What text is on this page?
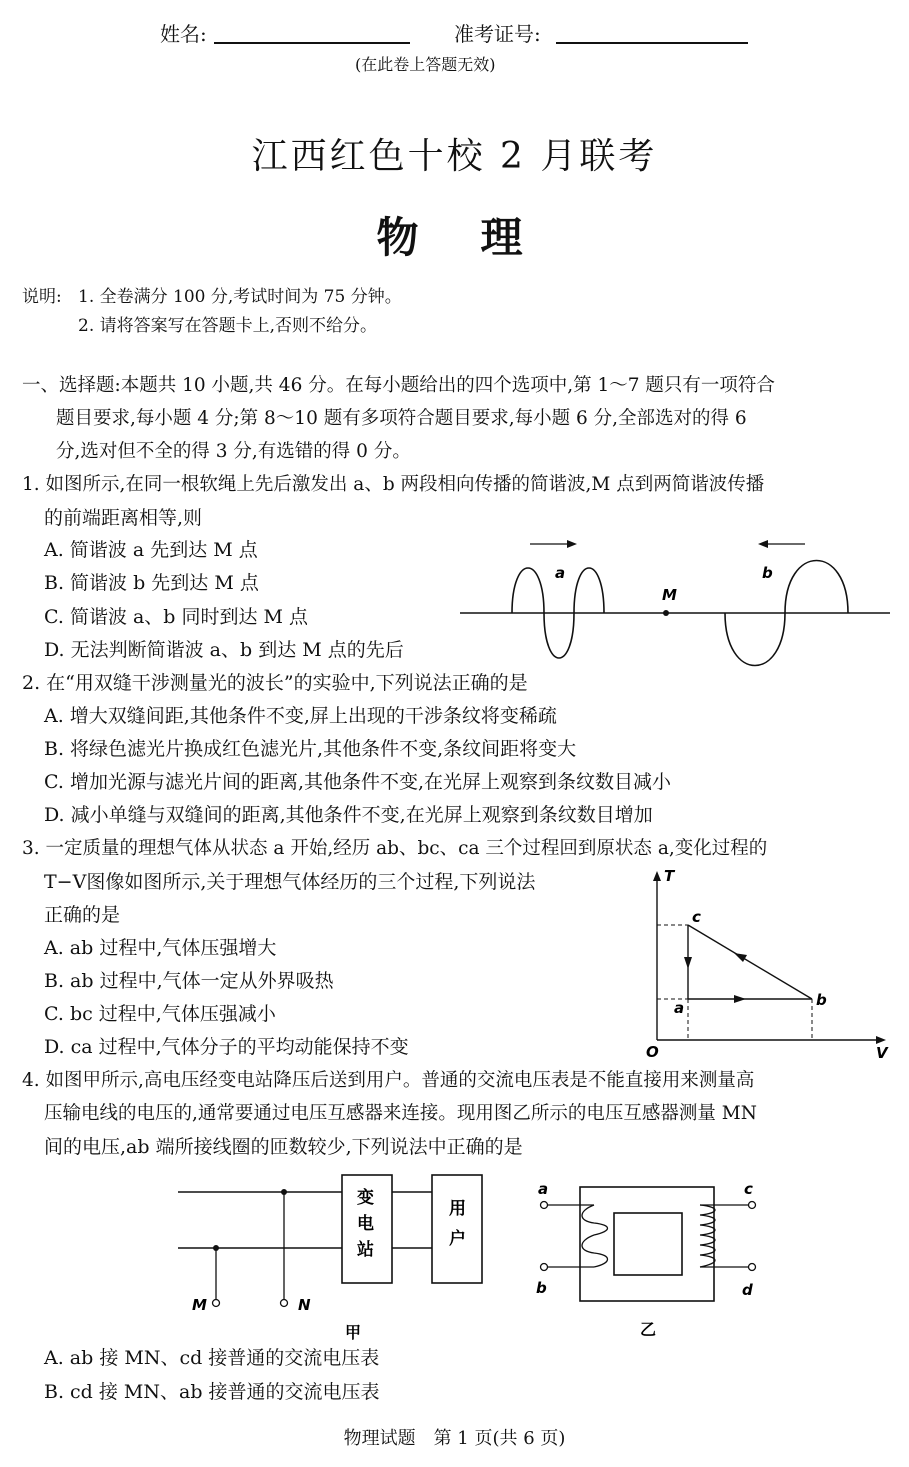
姓名:	准考证号:
(在此卷上答题无效)
江西红色十校 2 月联考
物　理
说明: 1. 全卷满分 100 分,考试时间为 75 分钟。
2. 请将答案写在答题卡上,否则不给分。
一、选择题:本题共 10 小题,共 46 分。在每小题给出的四个选项中,第 1～7 题只有一项符合
题目要求,每小题 4 分;第 8～10 题有多项符合题目要求,每小题 6 分,全部选对的得 6
分,选对但不全的得 3 分,有选错的得 0 分。
1. 如图所示,在同一根软绳上先后激发出 a、b 两段相向传播的简谐波,M 点到两简谐波传播
的前端距离相等,则
A. 简谐波 a 先到达 M 点
B. 简谐波 b 先到达 M 点
C. 简谐波 a、b 同时到达 M 点
D. 无法判断简谐波 a、b 到达 M 点的先后
a	b
M
2. 在“用双缝干涉测量光的波长”的实验中,下列说法正确的是
A. 增大双缝间距,其他条件不变,屏上出现的干涉条纹将变稀疏
B. 将绿色滤光片换成红色滤光片,其他条件不变,条纹间距将变大
C. 增加光源与滤光片间的距离,其他条件不变,在光屏上观察到条纹数目减小
D. 减小单缝与双缝间的距离,其他条件不变,在光屏上观察到条纹数目增加
3. 一定质量的理想气体从状态 a 开始,经历 ab、bc、ca 三个过程回到原状态 a,变化过程的
T−V图像如图所示,关于理想气体经历的三个过程,下列说法
正确的是
A. ab 过程中,气体压强增大
B. ab 过程中,气体一定从外界吸热
C. bc 过程中,气体压强减小
D. ca 过程中,气体分子的平均动能保持不变
T
V
O
c
a	b
4. 如图甲所示,高电压经变电站降压后送到用户。普通的交流电压表是不能直接用来测量高
压输电线的电压的,通常要通过电压互感器来连接。现用图乙所示的电压互感器测量 MN
间的电压,ab 端所接线圈的匝数较少,下列说法中正确的是
变
电
站
用
户
M	N
甲
a
b
c
d
乙
A. ab 接 MN、cd 接普通的交流电压表
B. cd 接 MN、ab 接普通的交流电压表
物理试题　第 1 页(共 6 页)
